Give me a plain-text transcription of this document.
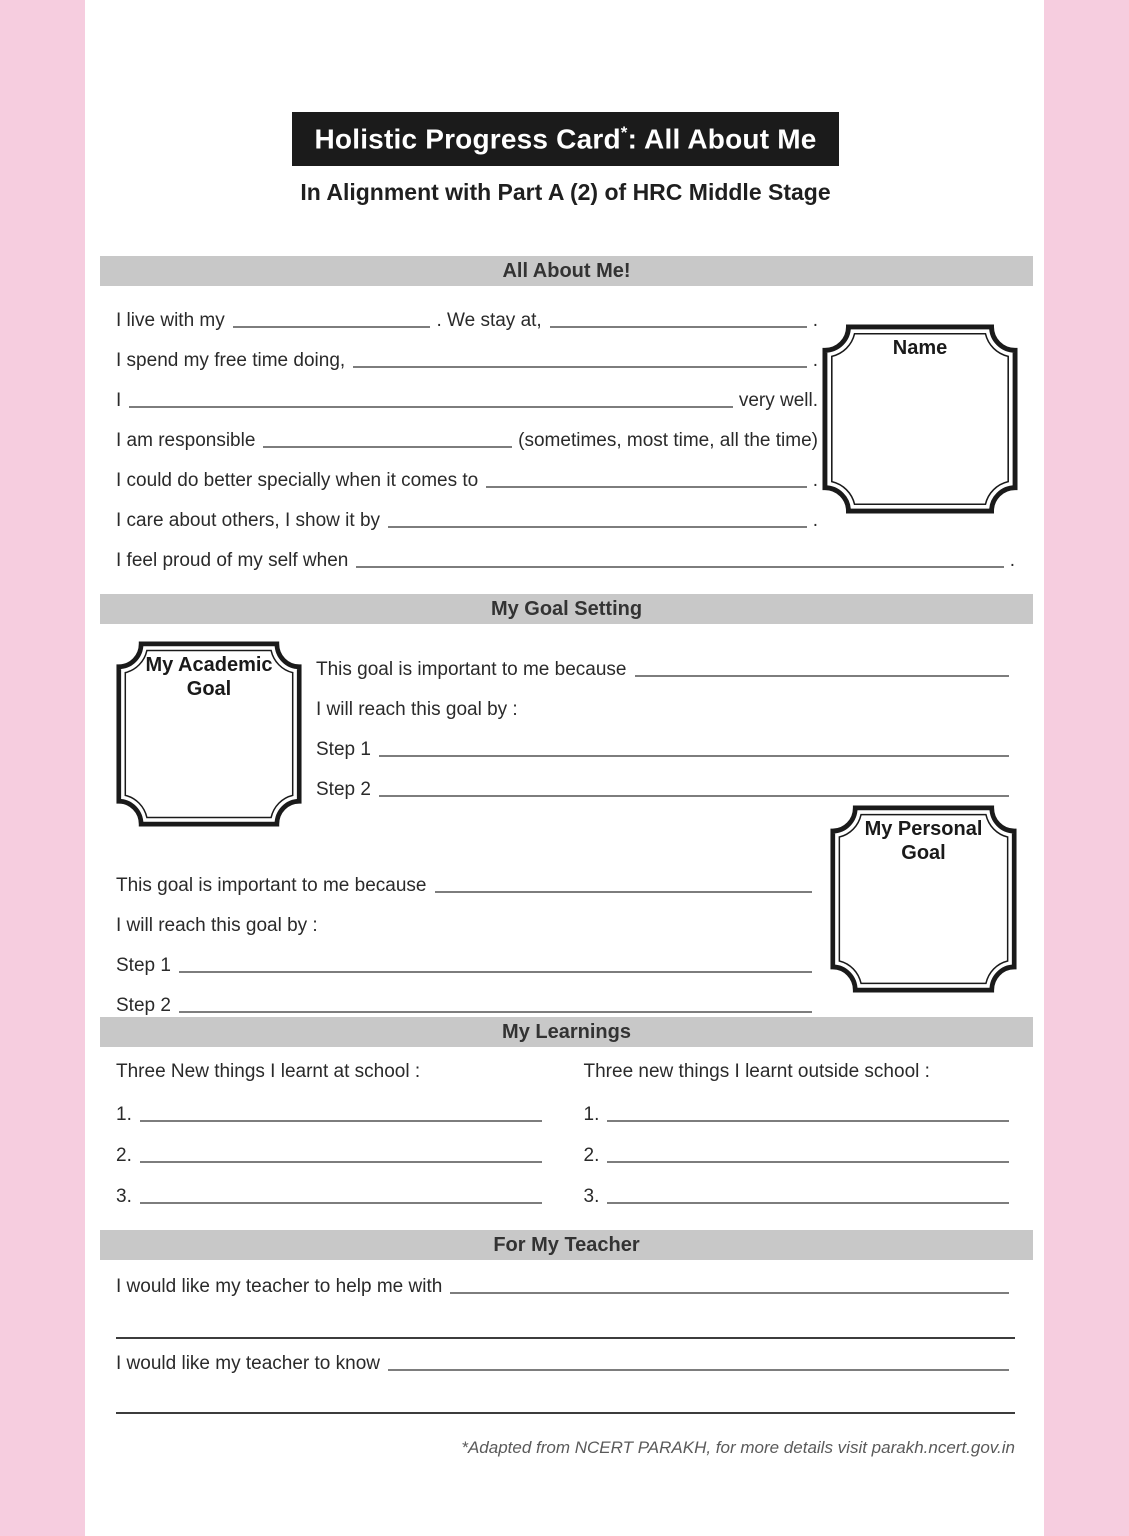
Holistic Progress Card*: All About Me
In Alignment with Part A (2) of HRC Middle Stage
All About Me!
Name
I live with my	. We stay at,	.
I spend my free time doing,	.
I	very well.
I am responsible	(sometimes, most time, all the time)
I could do better specially when it comes to	.
I care about others, I show it by	.
I feel proud of my self when	.
My Goal Setting
My Academic Goal
This goal is important to me because
I will reach this goal by :
Step 1
Step 2
My Personal Goal
This goal is important to me because
I will reach this goal by :
Step 1
Step 2
My Learnings
Three New things I learnt at school :
1.
2.
3.
Three new things I learnt outside school :
1.
2.
3.
For My Teacher
I would like my teacher to help me with
I would like my teacher to know
*Adapted from NCERT PARAKH, for more details visit parakh.ncert.gov.in
